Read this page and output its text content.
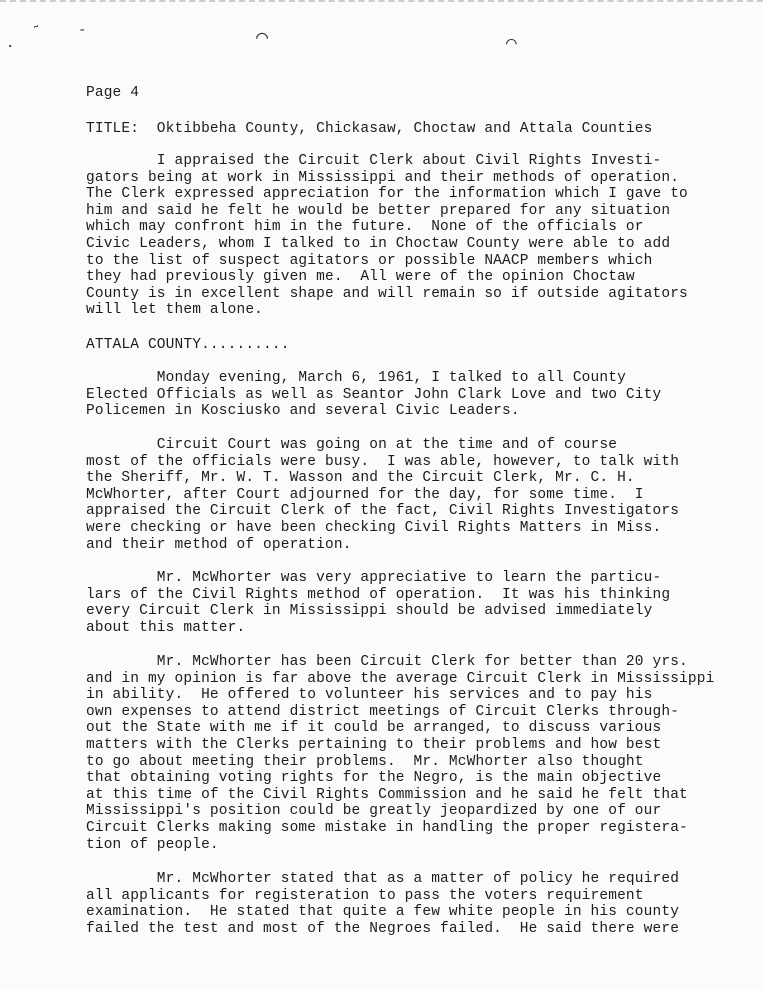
˜
·
-	⌒	⌒
Page 4
TITLE:  Oktibbeha County, Chickasaw, Choctaw and Attala Counties
I appraised the Circuit Clerk about Civil Rights Investi-
gators being at work in Mississippi and their methods of operation.
The Clerk expressed appreciation for the information which I gave to
him and said he felt he would be better prepared for any situation
which may confront him in the future.  None of the officials or
Civic Leaders, whom I talked to in Choctaw County were able to add
to the list of suspect agitators or possible NAACP members which
they had previously given me.  All were of the opinion Choctaw
County is in excellent shape and will remain so if outside agitators
will let them alone.
ATTALA COUNTY..........
Monday evening, March 6, 1961, I talked to all County
Elected Officials as well as Seantor John Clark Love and two City
Policemen in Kosciusko and several Civic Leaders.
Circuit Court was going on at the time and of course
most of the officials were busy.  I was able, however, to talk with
the Sheriff, Mr. W. T. Wasson and the Circuit Clerk, Mr. C. H.
McWhorter, after Court adjourned for the day, for some time.  I
appraised the Circuit Clerk of the fact, Civil Rights Investigators
were checking or have been checking Civil Rights Matters in Miss.
and their method of operation.
Mr. McWhorter was very appreciative to learn the particu-
lars of the Civil Rights method of operation.  It was his thinking
every Circuit Clerk in Mississippi should be advised immediately
about this matter.
Mr. McWhorter has been Circuit Clerk for better than 20 yrs.
and in my opinion is far above the average Circuit Clerk in Mississippi
in ability.  He offered to volunteer his services and to pay his
own expenses to attend district meetings of Circuit Clerks through-
out the State with me if it could be arranged, to discuss various
matters with the Clerks pertaining to their problems and how best
to go about meeting their problems.  Mr. McWhorter also thought
that obtaining voting rights for the Negro, is the main objective
at this time of the Civil Rights Commission and he said he felt that
Mississippi's position could be greatly jeopardized by one of our
Circuit Clerks making some mistake in handling the proper registera-
tion of people.
Mr. McWhorter stated that as a matter of policy he required
all applicants for registeration to pass the voters requirement
examination.  He stated that quite a few white people in his county
failed the test and most of the Negroes failed.  He said there were
